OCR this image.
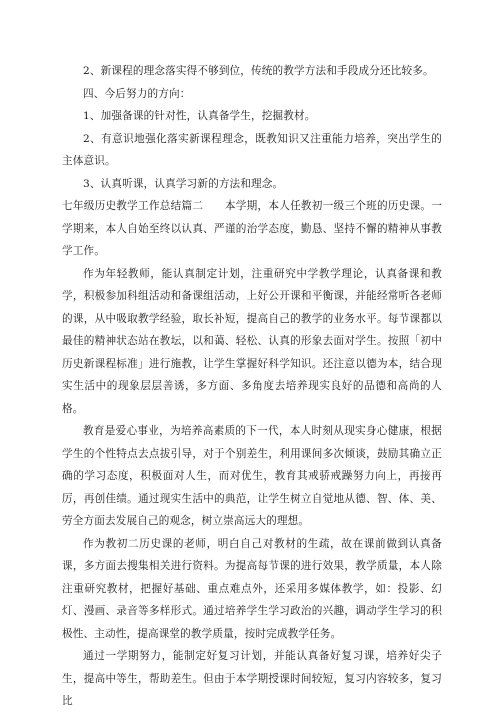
2、新课程的理念落实得不够到位，传统的教学方法和手段成分还比较多。

四、今后努力的方向：

1、加强备课的针对性，认真备学生，挖掘教材。

2、有意识地强化落实新课程理念，既教知识又注重能力培养，突出学生的主体意识。

3、认真听课，认真学习新的方法和理念。

七年级历史教学工作总结篇二　　本学期，本人任教初一级三个班的历史课。一学期来，本人自始至终以认真、严谨的治学态度，勤恳、坚持不懈的精神从事教学工作。

作为年轻教师，能认真制定计划，注重研究中学教学理论，认真备课和教学，积极参加科组活动和备课组活动，上好公开课和平衡课，并能经常听各老师的课，从中吸取教学经验，取长补短，提高自己的教学的业务水平。每节课都以最佳的精神状态站在教坛，以和蔼、轻松、认真的形象去面对学生。按照「初中历史新课程标准」进行施教，让学生掌握好科学知识。还注意以德为本，结合现实生活中的现象层层善诱，多方面、多角度去培养现实良好的品德和高尚的人格。

教育是爱心事业，为培养高素质的下一代，本人时刻从现实身心健康，根据学生的个性特点去点拔引导，对于个别差生，利用课间多次倾谈，鼓励其确立正确的学习态度，积极面对人生，而对优生，教育其戒骄戒躁努力向上，再接再厉，再创佳绩。通过现实生活中的典范，让学生树立自觉地从德、智、体、美、劳全方面去发展自己的观念，树立崇高远大的理想。

作为教初二历史课的老师，明白自己对教材的生疏，故在课前做到认真备课，多方面去搜集相关进行资料。为提高每节课的进行效果，教学质量，本人除注重研究教材，把握好基础、重点难点外，还采用多媒体教学，如：投影、幻灯、漫画、录音等多样形式。通过培养学生学习政治的兴趣，调动学生学习的积极性、主动性，提高课堂的教学质量，按时完成教学任务。

通过一学期努力，能制定好复习计划，并能认真备好复习课，培养好尖子生，提高中等生，帮助差生。但由于本学期授课时间较短，复习内容较多，复习比
